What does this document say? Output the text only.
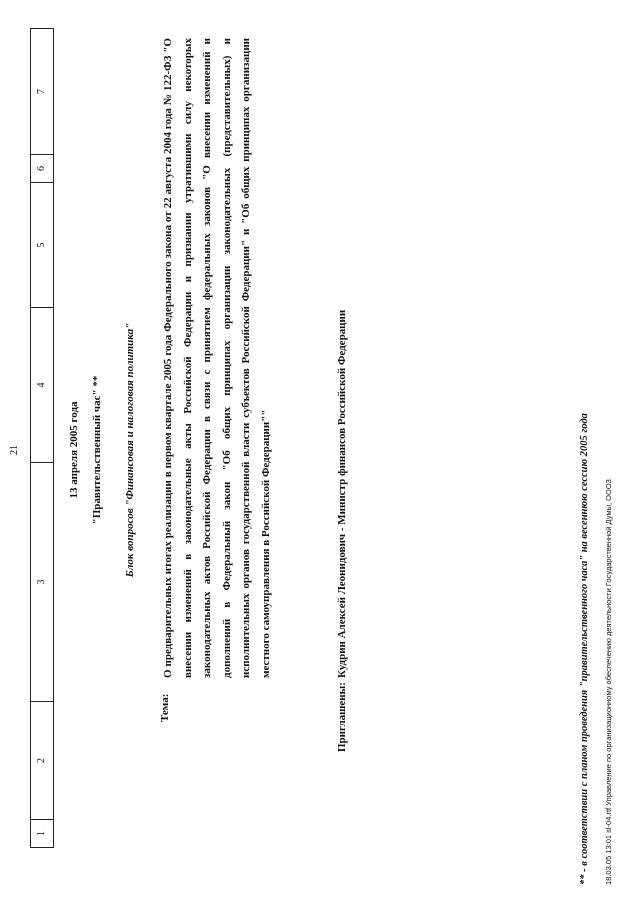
21
1
2
3
4
5
6
7
13 апреля 2005 года "Правительственный час" ** Блок вопросов "Финансовая и налоговая политика"
Тема:
О предварительных итогах реализации в первом квартале 2005 года Федерального закона от 22 августа 2004 года № 122-ФЗ "О внесении изменений в законодательные акты Российской Федерации и признании утратившими силу некоторых законодательных актов Российской Федерации в связи с принятием федеральных законов "О внесении изменений и дополнений в Федеральный закон "Об общих принципах организации законодательных (представительных) и исполнительных органов государственной власти субъектов Российской Федерации" и "Об общих принципах организации местного самоуправления в Российской Федерации""
Приглашены:
Кудрин Алексей Леонидович - Министр финансов Российской Федерации	** - в соответствии с планом проведения "правительственного часа" на весеннюю сессию 2005 года 18.03.05 13:01 sl-04.rtf Управление по организационному обеспечению деятельности Государственной Думы, ООО3
